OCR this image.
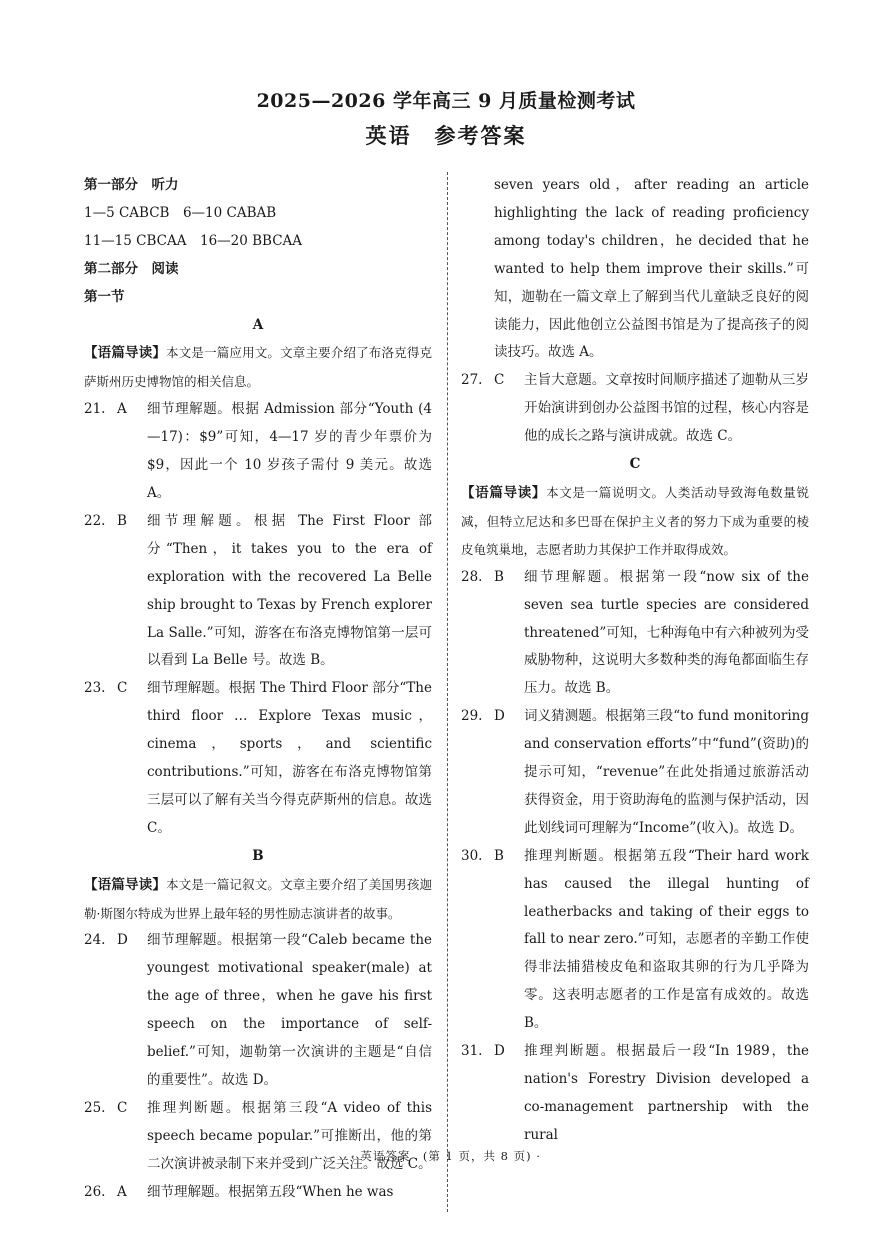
2025—2026 学年高三 9 月质量检测考试
英语　参考答案

第一部分　听力

1—5 CABCB　6—10 CABAB

11—15 CBCAA　16—20 BBCAA

第二部分　阅读

第一节

A

【语篇导读】本文是一篇应用文。文章主要介绍了布洛克得克萨斯州历史博物馆的相关信息。

21. A	细节理解题。根据 Admission 部分“Youth (4—17)：$9”可知，4—17 岁的青少年票价为 $9，因此一个 10 岁孩子需付 9 美元。故选 A。
22. B	细节理解题。根据 The First Floor 部分“Then，it takes you to the era of exploration with the recovered La Belle ship brought to Texas by French explorer La Salle.”可知，游客在布洛克博物馆第一层可以看到 La Belle 号。故选 B。
23. C	细节理解题。根据 The Third Floor 部分“The third floor … Explore Texas music，cinema，sports，and scientific contributions.”可知，游客在布洛克博物馆第三层可以了解有关当今得克萨斯州的信息。故选 C。

B

【语篇导读】本文是一篇记叙文。文章主要介绍了美国男孩迦勒·斯图尔特成为世界上最年轻的男性励志演讲者的故事。

24. D	细节理解题。根据第一段“Caleb became the youngest motivational speaker(male) at the age of three，when he gave his first speech on the importance of self-belief.”可知，迦勒第一次演讲的主题是“自信的重要性”。故选 D。
25. C	推理判断题。根据第三段“A video of this speech became popular.”可推断出，他的第二次演讲被录制下来并受到广泛关注。故选 C。
26. A	细节理解题。根据第五段“When he was

seven years old，after reading an article highlighting the lack of reading proficiency among today's children，he decided that he wanted to help them improve their skills.”可知，迦勒在一篇文章上了解到当代儿童缺乏良好的阅读能力，因此他创立公益图书馆是为了提高孩子的阅读技巧。故选 A。

27. C	主旨大意题。文章按时间顺序描述了迦勒从三岁开始演讲到创办公益图书馆的过程，核心内容是他的成长之路与演讲成就。故选 C。

C

【语篇导读】本文是一篇说明文。人类活动导致海龟数量锐减，但特立尼达和多巴哥在保护主义者的努力下成为重要的棱皮龟筑巢地，志愿者助力其保护工作并取得成效。

28. B	细节理解题。根据第一段“now six of the seven sea turtle species are considered threatened”可知，七种海龟中有六种被列为受威胁物种，这说明大多数种类的海龟都面临生存压力。故选 B。
29. D	词义猜测题。根据第三段“to fund monitoring and conservation efforts”中“fund”(资助)的提示可知，“revenue”在此处指通过旅游活动获得资金，用于资助海龟的监测与保护活动，因此划线词可理解为“Income”(收入)。故选 D。
30. B	推理判断题。根据第五段“Their hard work has caused the illegal hunting of leatherbacks and taking of their eggs to fall to near zero.”可知，志愿者的辛勤工作使得非法捕猎棱皮龟和盗取其卵的行为几乎降为零。这表明志愿者的工作是富有成效的。故选 B。
31. D	推理判断题。根据最后一段“In 1989，the nation's Forestry Division developed a co-management partnership with the rural
· 英语答案　(第 1 页，共 8 页) ·
